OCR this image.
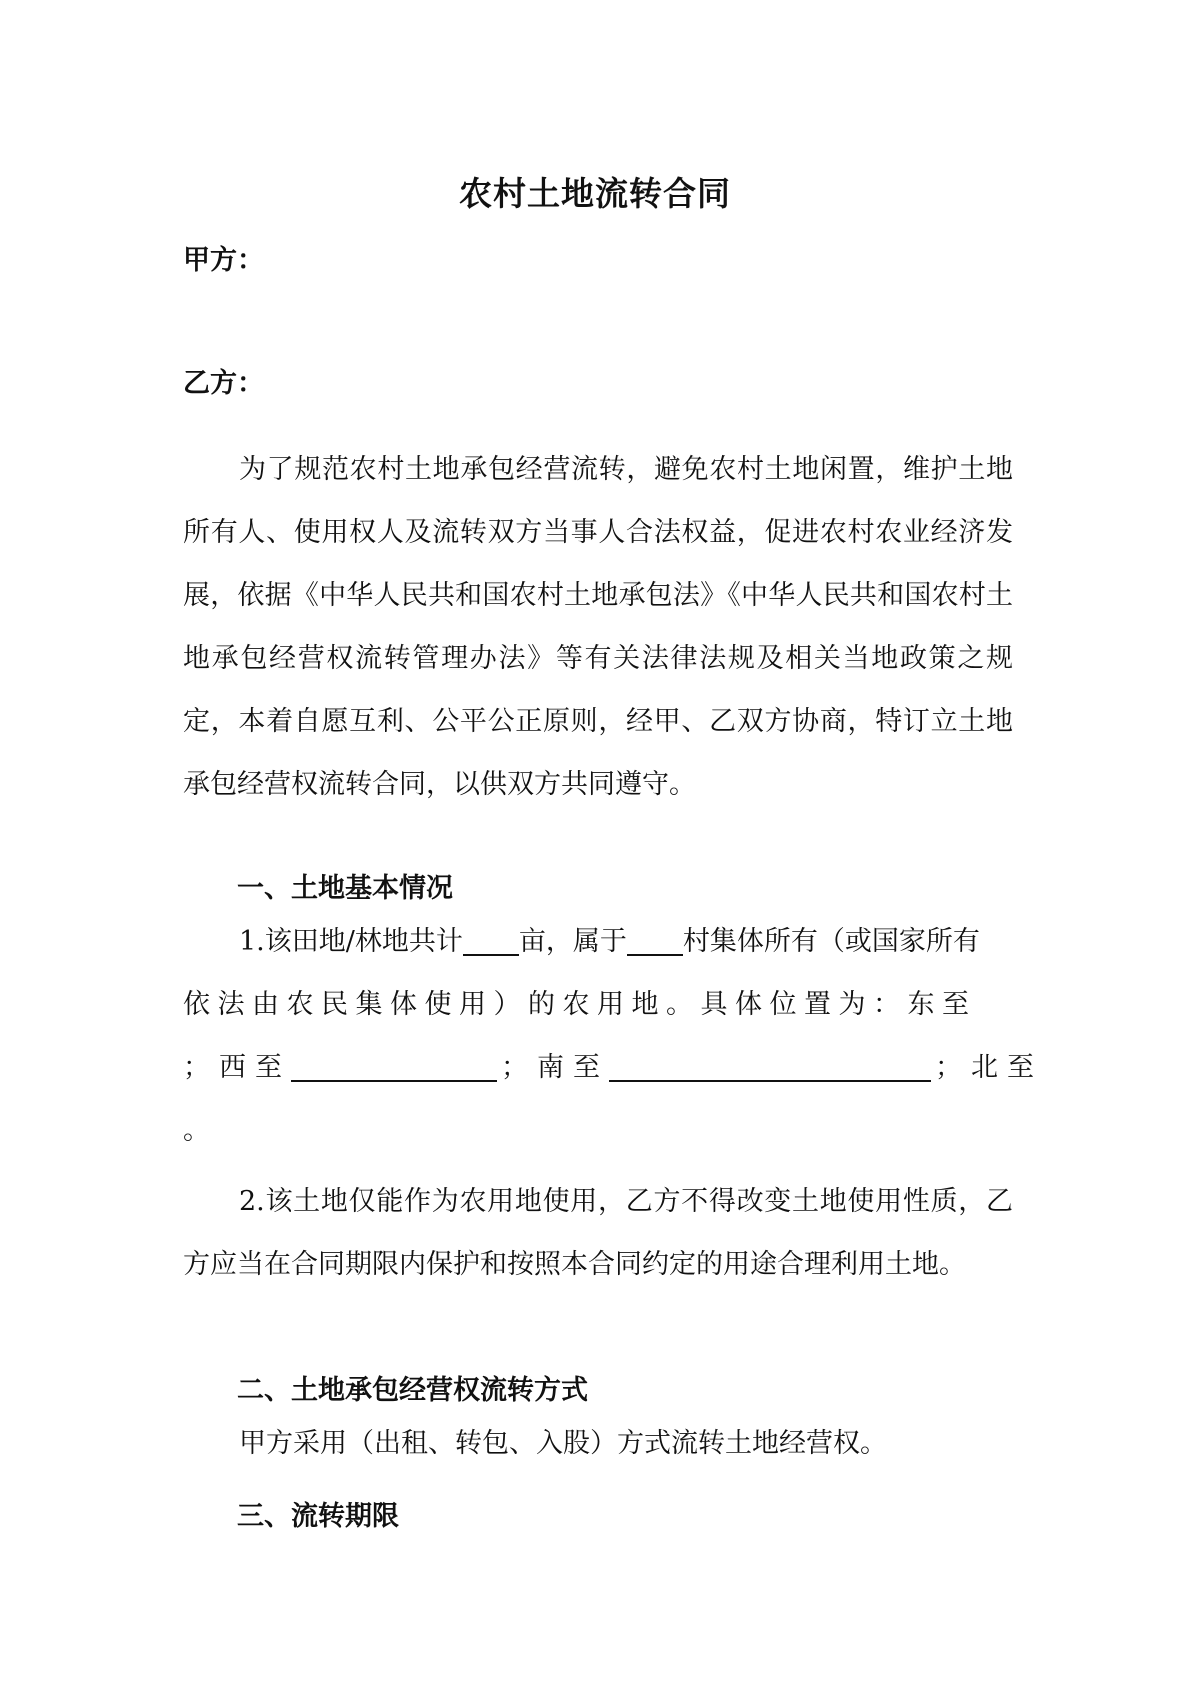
农村土地流转合同
甲方：
乙方：
为了规范农村土地承包经营流转，避免农村土地闲置，维护土地所有人、使用权人及流转双方当事人合法权益，促进农村农业经济发展，依据《中华人民共和国农村土地承包法》《中华人民共和国农村土地承包经营权流转管理办法》等有关法律法规及相关当地政策之规定，本着自愿互利、公平公正原则，经甲、乙双方协商，特订立土地承包经营权流转合同，以供双方共同遵守。
一、土地基本情况
1.该田地/林地共计 亩，属于 村集体所有（或国家所有
依法由农民集体使用）的农用地。具体位置为：东至
；西至	；南至	；北至
。
2.该土地仅能作为农用地使用，乙方不得改变土地使用性质，乙方应当在合同期限内保护和按照本合同约定的用途合理利用土地。
二、土地承包经营权流转方式
甲方采用（出租、转包、入股）方式流转土地经营权。
三、流转期限
